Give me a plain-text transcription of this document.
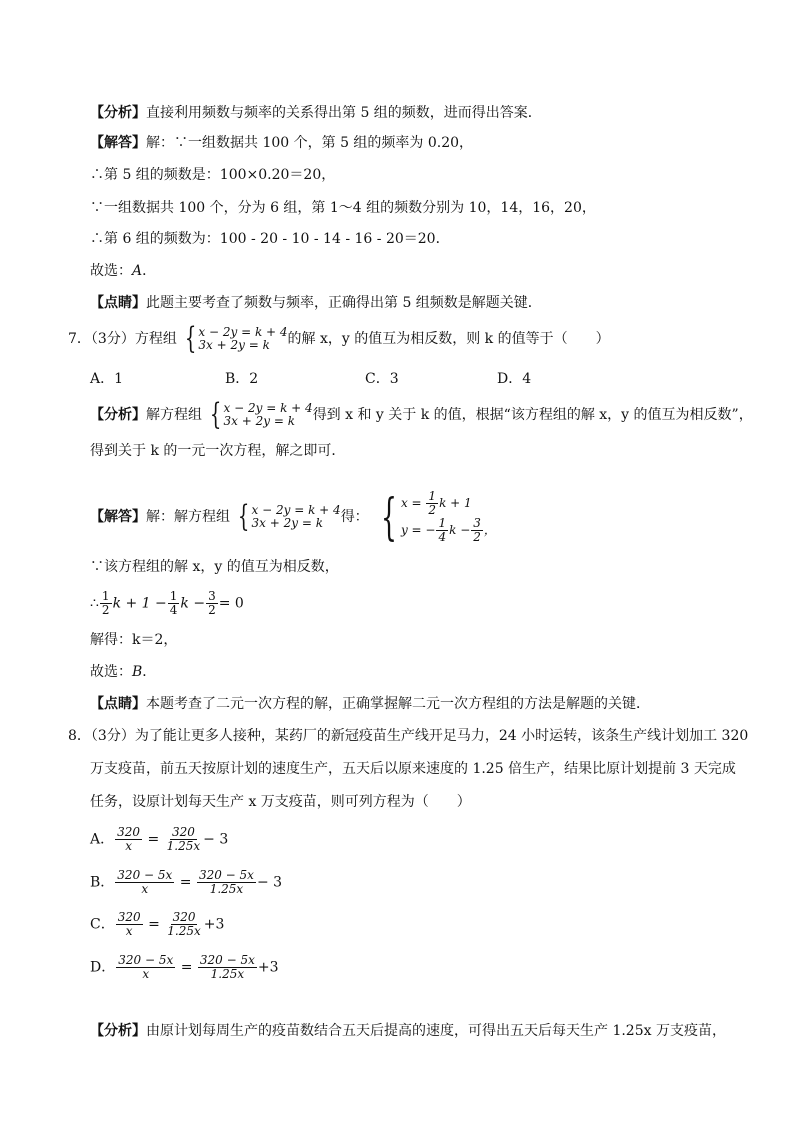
【分析】直接利用频数与频率的关系得出第 5 组的频数，进而得出答案．
【解答】解：∵一组数据共 100 个，第 5 组的频率为 0.20，
∴第 5 组的频数是：100×0.20＝20，
∵一组数据共 100 个，分为 6 组，第 1～4 组的频数分别为 10，14，16，20，
∴第 6 组的频数为：100 - 20 - 10 - 14 - 16 - 20＝20．
故选：A．
【点睛】此题主要考查了频数与频率，正确得出第 5 组频数是解题关键．
7．（3分）方程组 { x − 2y = k + 4
3x + 2y = k	的解 x，y 的值互为相反数，则 k 的值等于（　　）
A．1	B．2	C．3	D．4
【分析】解方程组 { x − 2y = k + 4
3x + 2y = k	得到 x 和 y 关于 k 的值，根据“该方程组的解 x，y 的值互为相反数”，
得到关于 k 的一元一次方程，解之即可．
【解答】解：解方程组 { x − 2y = k + 4
3x + 2y = k	得： { $x = \frac{1}{2}$ k + 1
y = − $\frac{1}{4}$ $k - \frac{3}{2}$ ，
∵该方程组的解 x，y 的值互为相反数，
∴ $\frac{1}{2}$ $k + 1 - \frac{1}{4}$ $k - \frac{3}{2} = 0$
解得：k＝2，
故选：B．
【点睛】本题考查了二元一次方程的解，正确掌握解二元一次方程组的方法是解题的关键．
8．（3分）为了能让更多人接种，某药厂的新冠疫苗生产线开足马力，24 小时运转，该条生产线计划加工 320
万支疫苗，前五天按原计划的速度生产，五天后以原来速度的 1.25 倍生产，结果比原计划提前 3 天完成
任务，设原计划每天生产 x 万支疫苗，则可列方程为（　　）
A． $\frac{320}{x} = \frac{320}{1.25x} - 3$
B． $\frac{320 - 5x}{x} = \frac{320 - 5x}{1.25x} - 3$
C． $\frac{320}{x} = \frac{320}{1.25x} +3$
D． $\frac{320 - 5x}{x} = \frac{320 - 5x}{1.25x} +3$
【分析】由原计划每周生产的疫苗数结合五天后提高的速度，可得出五天后每天生产 1.25x 万支疫苗，
